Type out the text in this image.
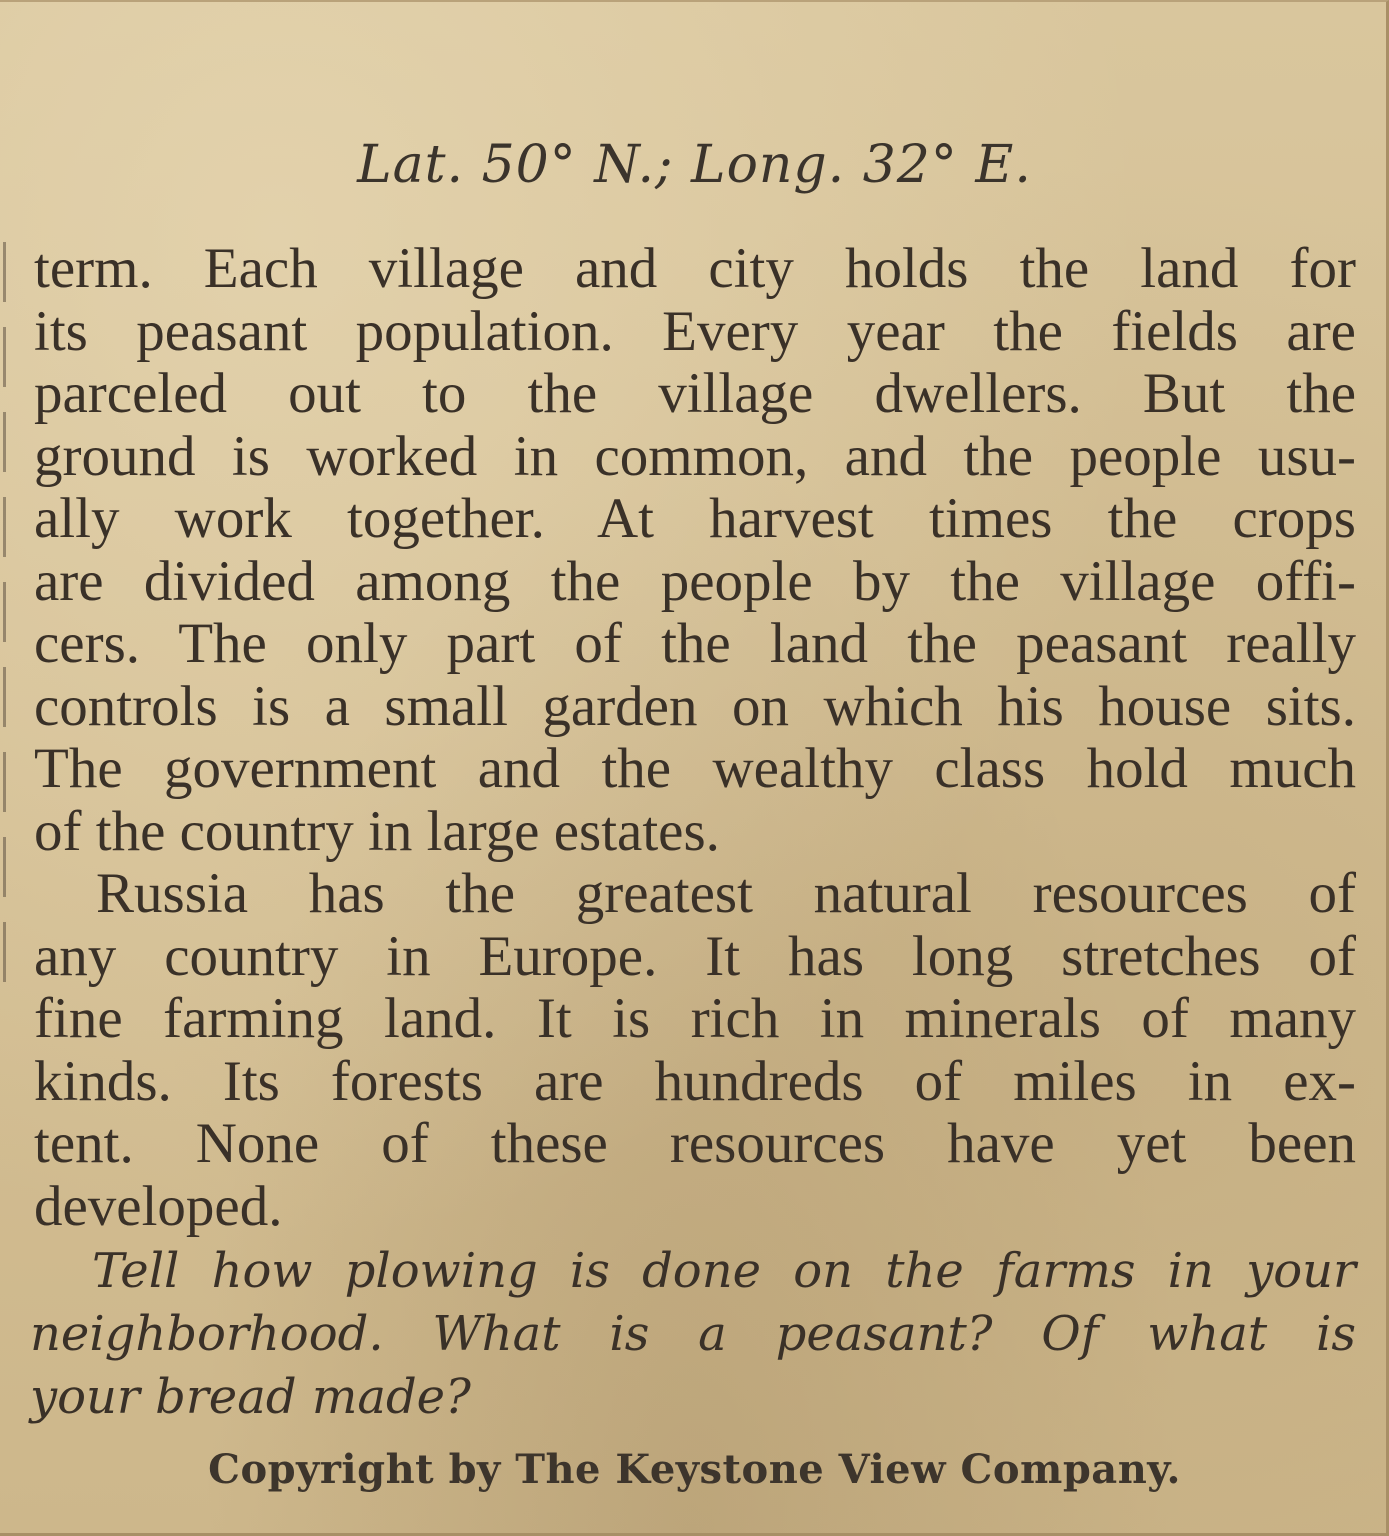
Lat. 50° N.; Long. 32° E.
term. Each village and city holds the land for
its peasant population. Every year the fields are
parceled out to the village dwellers. But the
ground is worked in common, and the people usu-
ally work together. At harvest times the crops
are divided among the people by the village offi-
cers. The only part of the land the peasant really
controls is a small garden on which his house sits.
The government and the wealthy class hold much
of the country in large estates.
Russia has the greatest natural resources of
any country in Europe. It has long stretches of
fine farming land. It is rich in minerals of many
kinds. Its forests are hundreds of miles in ex-
tent. None of these resources have yet been
developed.
Tell how plowing is done on the farms in your
neighborhood. What is a peasant? Of what is
your bread made?
Copyright by The Keystone View Company.
